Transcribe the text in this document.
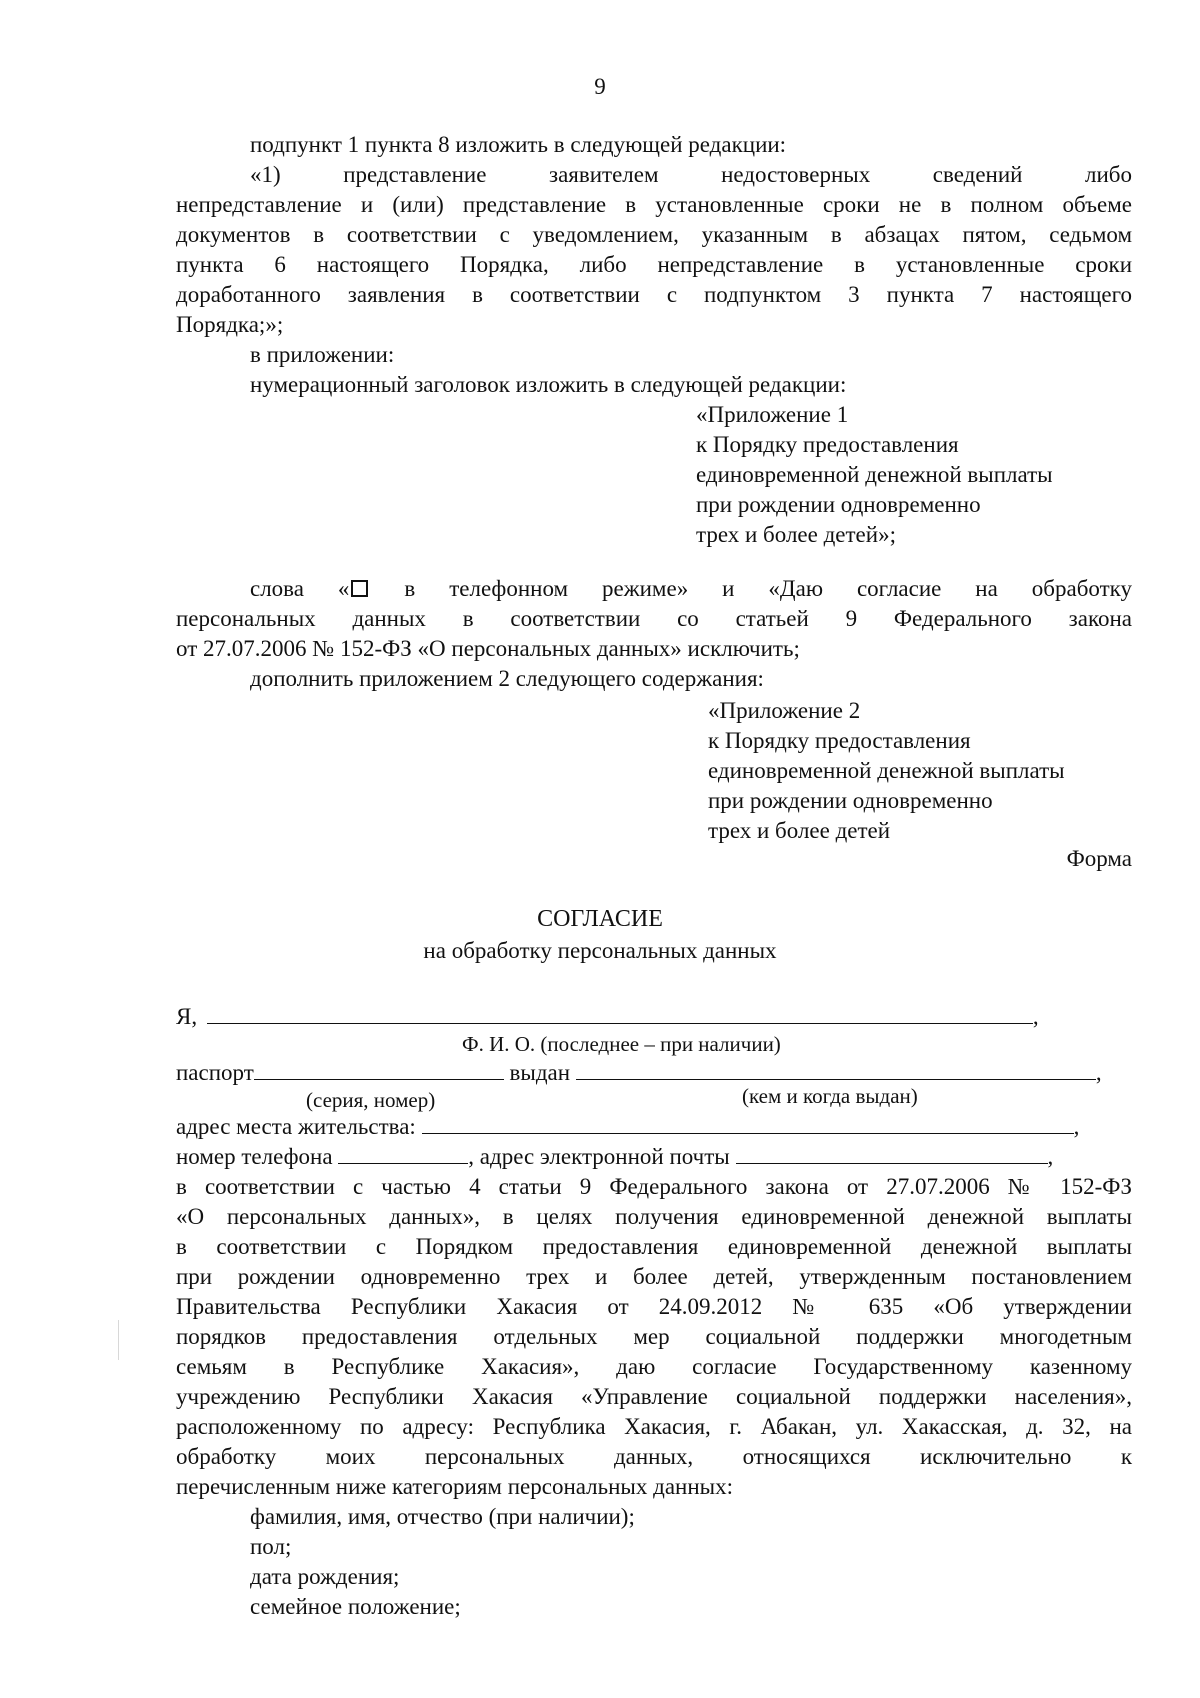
9
подпункт 1 пункта 8 изложить в следующей редакции:
«1) представление заявителем недостоверных сведений либо
непредставление и (или) представление в установленные сроки не в полном объеме
документов в соответствии с уведомлением, указанным в абзацах пятом, седьмом
пункта 6 настоящего Порядка, либо непредставление в установленные сроки
доработанного заявления в соответствии с подпунктом 3 пункта 7 настоящего
Порядка;»;
в приложении:
нумерационный заголовок изложить в следующей редакции:
«Приложение 1
к Порядку предоставления
единовременной денежной выплаты
при рождении одновременно
трех и более детей»;
слова « в телефонном режиме» и «Даю согласие на обработку
персональных данных в соответствии со статьей 9 Федерального закона
от 27.07.2006 № 152-ФЗ «О персональных данных» исключить;
дополнить приложением 2 следующего содержания:
«Приложение 2
к Порядку предоставления
единовременной денежной выплаты
при рождении одновременно
трех и более детей
Форма
СОГЛАСИЕ
на обработку персональных данных
Я,	,
Ф. И. О. (последнее – при наличии)
паспорт	выдан	,
(серия, номер)	(кем и когда выдан)
адрес места жительства:	,
номер телефона	, адрес электронной почты	,
в соответствии с частью 4 статьи 9 Федерального закона от 27.07.2006 № 152-ФЗ
«О персональных данных», в целях получения единовременной денежной выплаты
в соответствии с Порядком предоставления единовременной денежной выплаты
при рождении одновременно трех и более детей, утвержденным постановлением
Правительства Республики Хакасия от 24.09.2012 № 635 «Об утверждении
порядков предоставления отдельных мер социальной поддержки многодетным
семьям в Республике Хакасия», даю согласие Государственному казенному
учреждению Республики Хакасия «Управление социальной поддержки населения»,
расположенному по адресу: Республика Хакасия, г. Абакан, ул. Хакасская, д. 32, на
обработку моих персональных данных, относящихся исключительно к
перечисленным ниже категориям персональных данных:
фамилия, имя, отчество (при наличии);
пол;
дата рождения;
семейное положение;
